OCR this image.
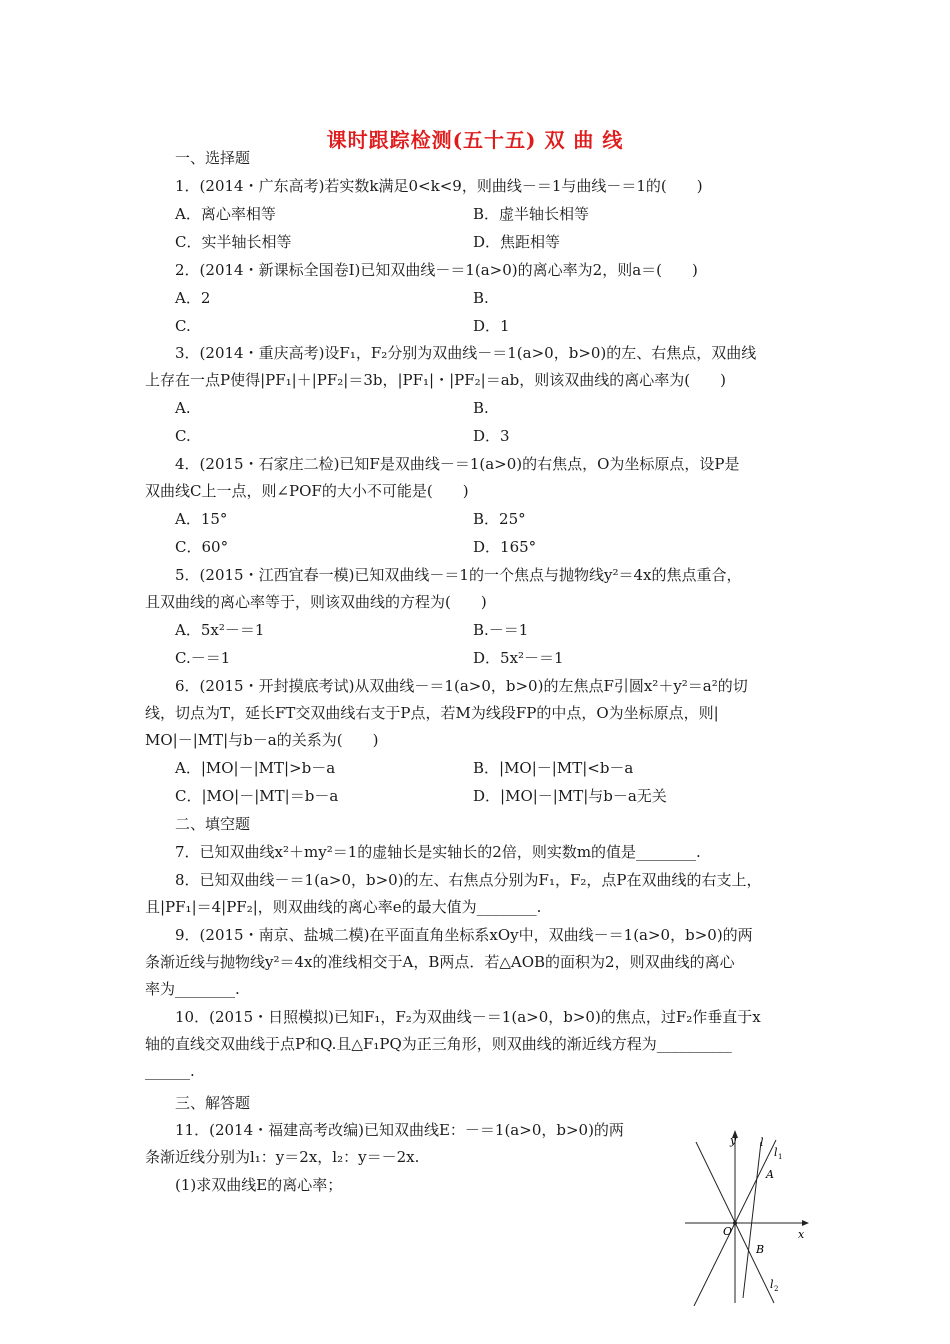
课时跟踪检测(五十五) 双 曲 线
一、选择题
1．(2014・广东高考)若实数k满足0<k<9，则曲线－＝1与曲线－＝1的(　　)
A．离心率相等	B．虚半轴长相等
C．实半轴长相等	D．焦距相等
2．(2014・新课标全国卷Ⅰ)已知双曲线－＝1(a>0)的离心率为2，则a＝(　　)
A．2	B.
C.	D．1
3．(2014・重庆高考)设F₁，F₂分别为双曲线－＝1(a>0，b>0)的左、右焦点，双曲线
上存在一点P使得|PF₁|＋|PF₂|＝3b，|PF₁|・|PF₂|＝ab，则该双曲线的离心率为(　　)
A.	B.
C.	D．3
4．(2015・石家庄二检)已知F是双曲线－＝1(a>0)的右焦点，O为坐标原点，设P是
双曲线C上一点，则∠POF的大小不可能是(　　)
A．15°	B．25°
C．60°	D．165°
5．(2015・江西宜春一模)已知双曲线－＝1的一个焦点与抛物线y²＝4x的焦点重合，
且双曲线的离心率等于，则该双曲线的方程为(　　)
A．5x²－＝1	B.－＝1
C.－＝1	D．5x²－＝1
6．(2015・开封摸底考试)从双曲线－＝1(a>0，b>0)的左焦点F引圆x²＋y²＝a²的切
线，切点为T，延长FT交双曲线右支于P点，若M为线段FP的中点，O为坐标原点，则|
MO|－|MT|与b－a的关系为(　　)
A．|MO|－|MT|>b－a	B．|MO|－|MT|<b－a
C．|MO|－|MT|＝b－a	D．|MO|－|MT|与b－a无关
二、填空题
7．已知双曲线x²＋my²＝1的虚轴长是实轴长的2倍，则实数m的值是________.
8．已知双曲线－＝1(a>0，b>0)的左、右焦点分别为F₁，F₂，点P在双曲线的右支上，
且|PF₁|＝4|PF₂|，则双曲线的离心率e的最大值为________.
9．(2015・南京、盐城二模)在平面直角坐标系xOy中，双曲线－＝1(a>0，b>0)的两
条渐近线与抛物线y²＝4x的准线相交于A，B两点．若△AOB的面积为2，则双曲线的离心
率为________.
10．(2015・日照模拟)已知F₁，F₂为双曲线－＝1(a>0，b>0)的焦点，过F₂作垂直于x
轴的直线交双曲线于点P和Q.且△F₁PQ为正三角形，则双曲线的渐近线方程为__________
______.
三、解答题
11．(2014・福建高考改编)已知双曲线E：－＝1(a>0，b>0)的两
条渐近线分别为l₁：y＝2x，l₂：y＝－2x.
(1)求双曲线E的离心率；
y
x
O
A
B
l
l 1
l 2
